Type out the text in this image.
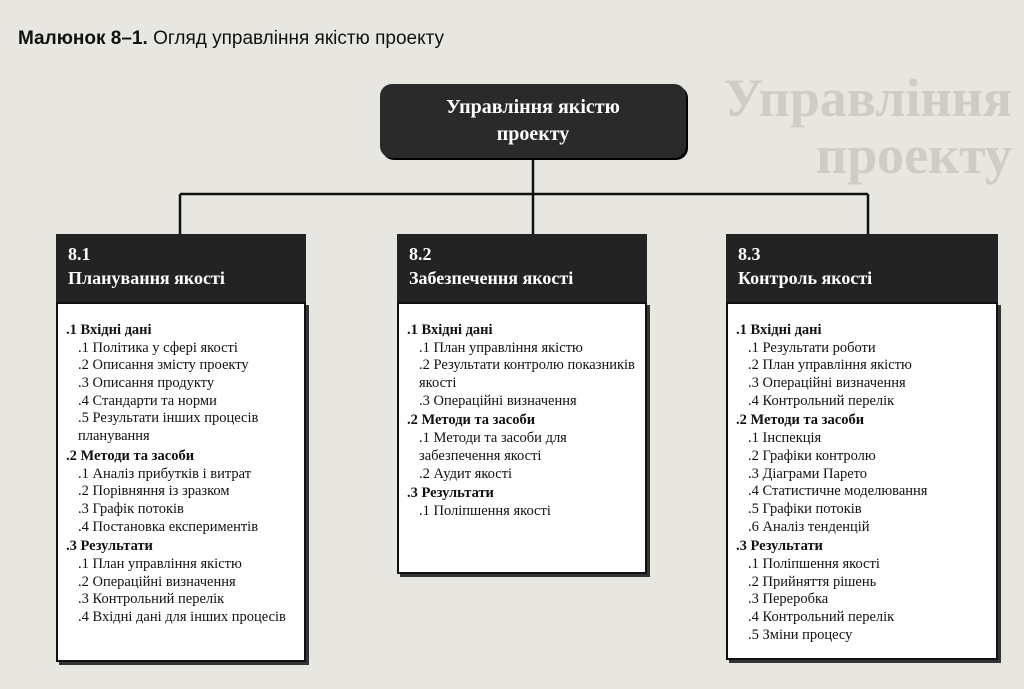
Управління
проекту
Малюнок 8–1. Огляд управління якістю проекту
Управління якістю проекту
8.1
Планування якості
.1 Вхідні дані
.1 Політика у сфері якості
.2 Описання змісту проекту
.3 Описання продукту
.4 Стандарти та норми
.5 Результати інших процесів планування
.2 Методи та засоби
.1 Аналіз прибутків і витрат
.2 Порівняння із зразком
.3 Графік потоків
.4 Постановка експериментів
.3 Результати
.1 План управління якістю
.2 Операційні визначення
.3 Контрольний перелік
.4 Вхідні дані для інших процесів
8.2
Забезпечення якості
.1 Вхідні дані
.1 План управління якістю
.2 Результати контролю показників якості
.3 Операційні визначення
.2 Методи та засоби
.1 Методи та засоби для забезпечення якості
.2 Аудит якості
.3 Результати
.1 Поліпшення якості
8.3
Контроль якості
.1 Вхідні дані
.1 Результати роботи
.2 План управління якістю
.3 Операційні визначення
.4 Контрольний перелік
.2 Методи та засоби
.1 Інспекція
.2 Графіки контролю
.3 Діаграми Парето
.4 Статистичне моделювання
.5 Графіки потоків
.6 Аналіз тенденцій
.3 Результати
.1 Поліпшення якості
.2 Прийняття рішень
.3 Переробка
.4 Контрольний перелік
.5 Зміни процесу
